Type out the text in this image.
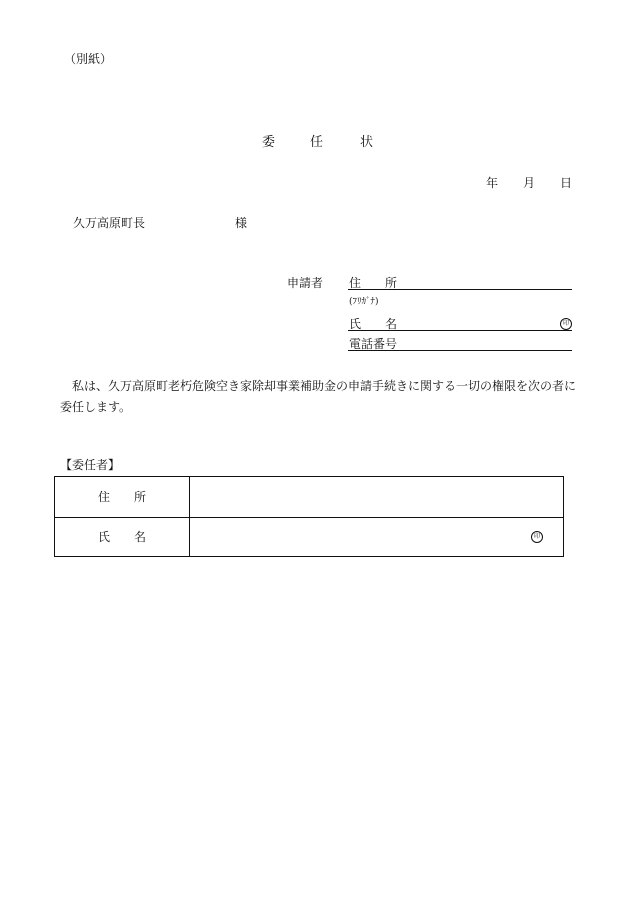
（別紙）
委	任	状
年 月 日
久万高原町長	様
申請者 住　　所
(ﾌﾘｶﾞﾅ)
氏　　名	印
電話番号
私は、久万高原町老朽危険空き家除却事業補助金の申請手続きに関する一切の権限を次の者に委任します。
【委任者】
住　　所
氏　　名	印
